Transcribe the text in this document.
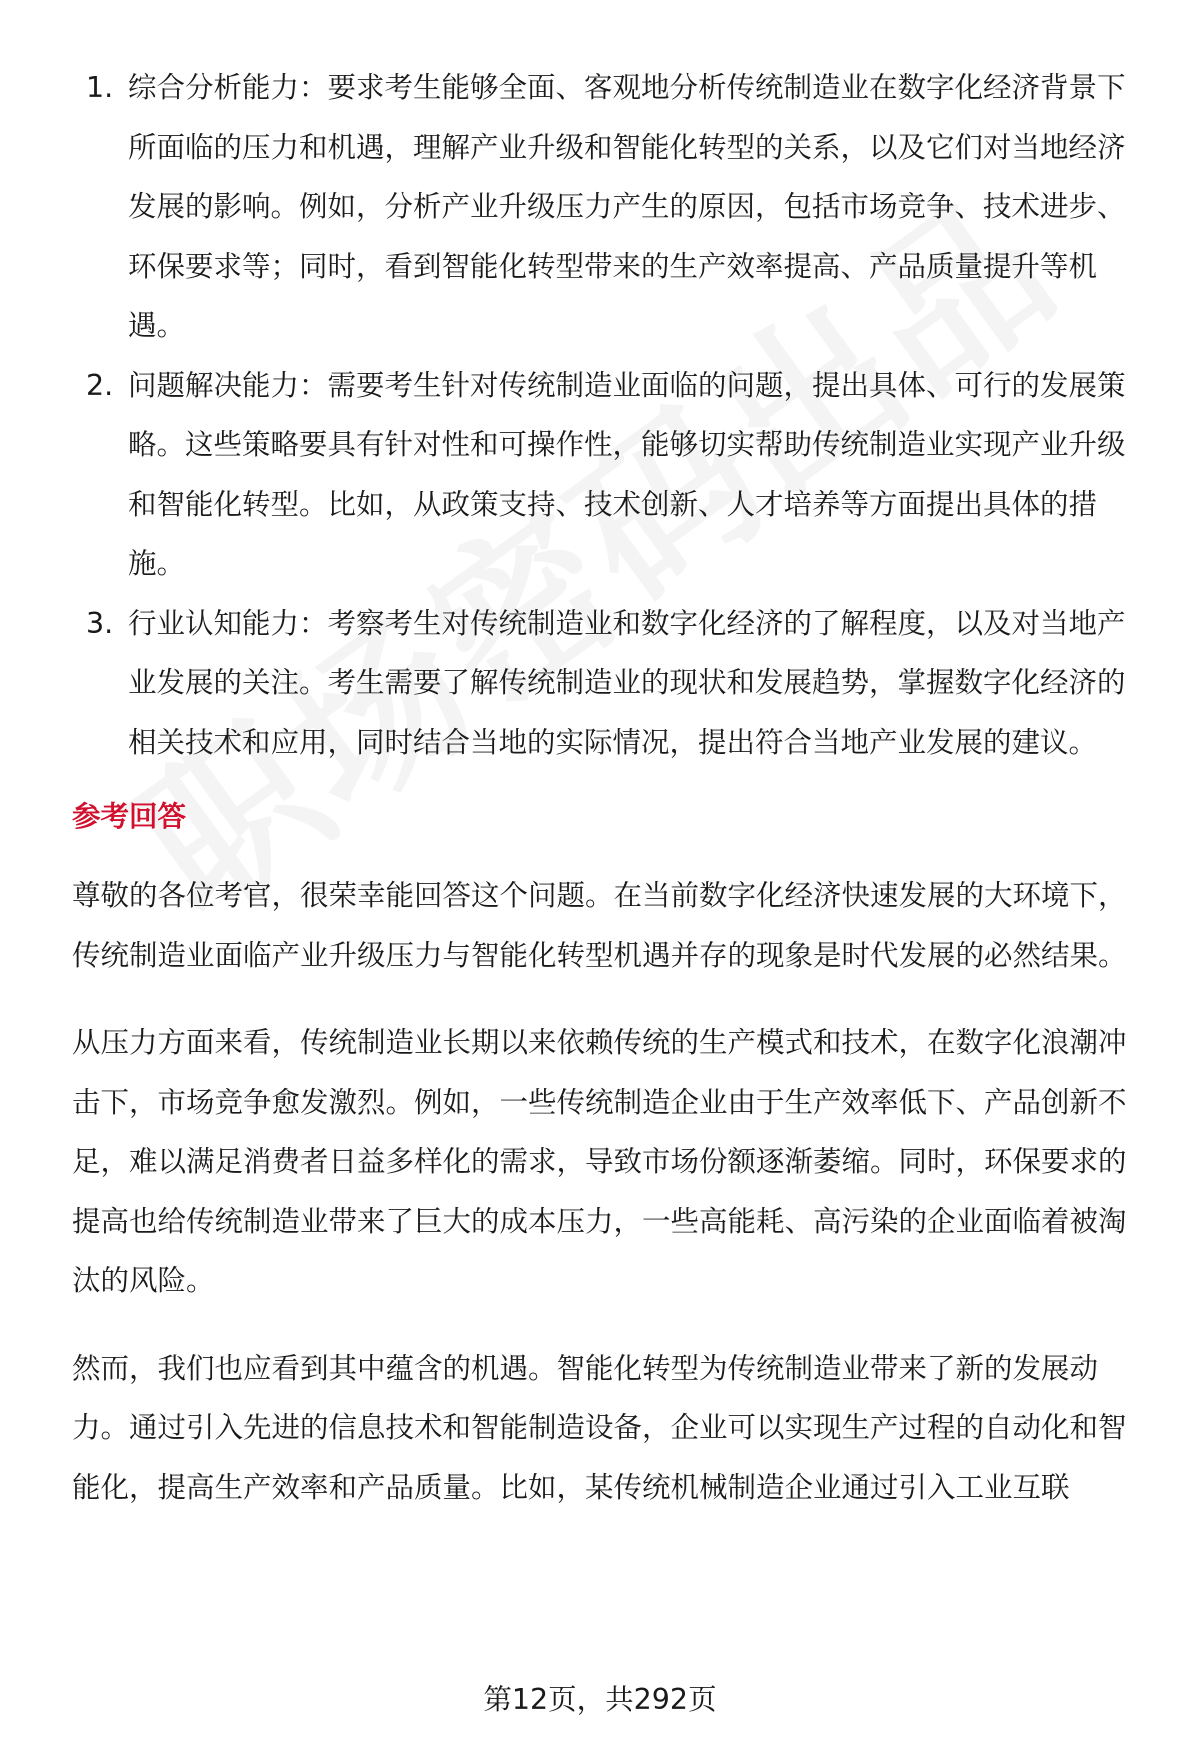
1. 综合分析能力：要求考生能够全面、客观地分析传统制造业在数字化经济背景下所面临的压力和机遇，理解产业升级和智能化转型的关系，以及它们对当地经济发展的影响。例如，分析产业升级压力产生的原因，包括市场竞争、技术进步、环保要求等；同时，看到智能化转型带来的生产效率提高、产品质量提升等机遇。
2. 问题解决能力：需要考生针对传统制造业面临的问题，提出具体、可行的发展策略。这些策略要具有针对性和可操作性，能够切实帮助传统制造业实现产业升级和智能化转型。比如，从政策支持、技术创新、人才培养等方面提出具体的措施。
3. 行业认知能力：考察考生对传统制造业和数字化经济的了解程度，以及对当地产业发展的关注。考生需要了解传统制造业的现状和发展趋势，掌握数字化经济的相关技术和应用，同时结合当地的实际情况，提出符合当地产业发展的建议。
参考回答

尊敬的各位考官，很荣幸能回答这个问题。在当前数字化经济快速发展的大环境下，传统制造业面临产业升级压力与智能化转型机遇并存的现象是时代发展的必然结果。

从压力方面来看，传统制造业长期以来依赖传统的生产模式和技术，在数字化浪潮冲击下，市场竞争愈发激烈。例如，一些传统制造企业由于生产效率低下、产品创新不足，难以满足消费者日益多样化的需求，导致市场份额逐渐萎缩。同时，环保要求的提高也给传统制造业带来了巨大的成本压力，一些高能耗、高污染的企业面临着被淘汰的风险。

然而，我们也应看到其中蕴含的机遇。智能化转型为传统制造业带来了新的发展动力。通过引入先进的信息技术和智能制造设备，企业可以实现生产过程的自动化和智能化，提高生产效率和产品质量。比如，某传统机械制造企业通过引入工业互联

第12页，共292页
